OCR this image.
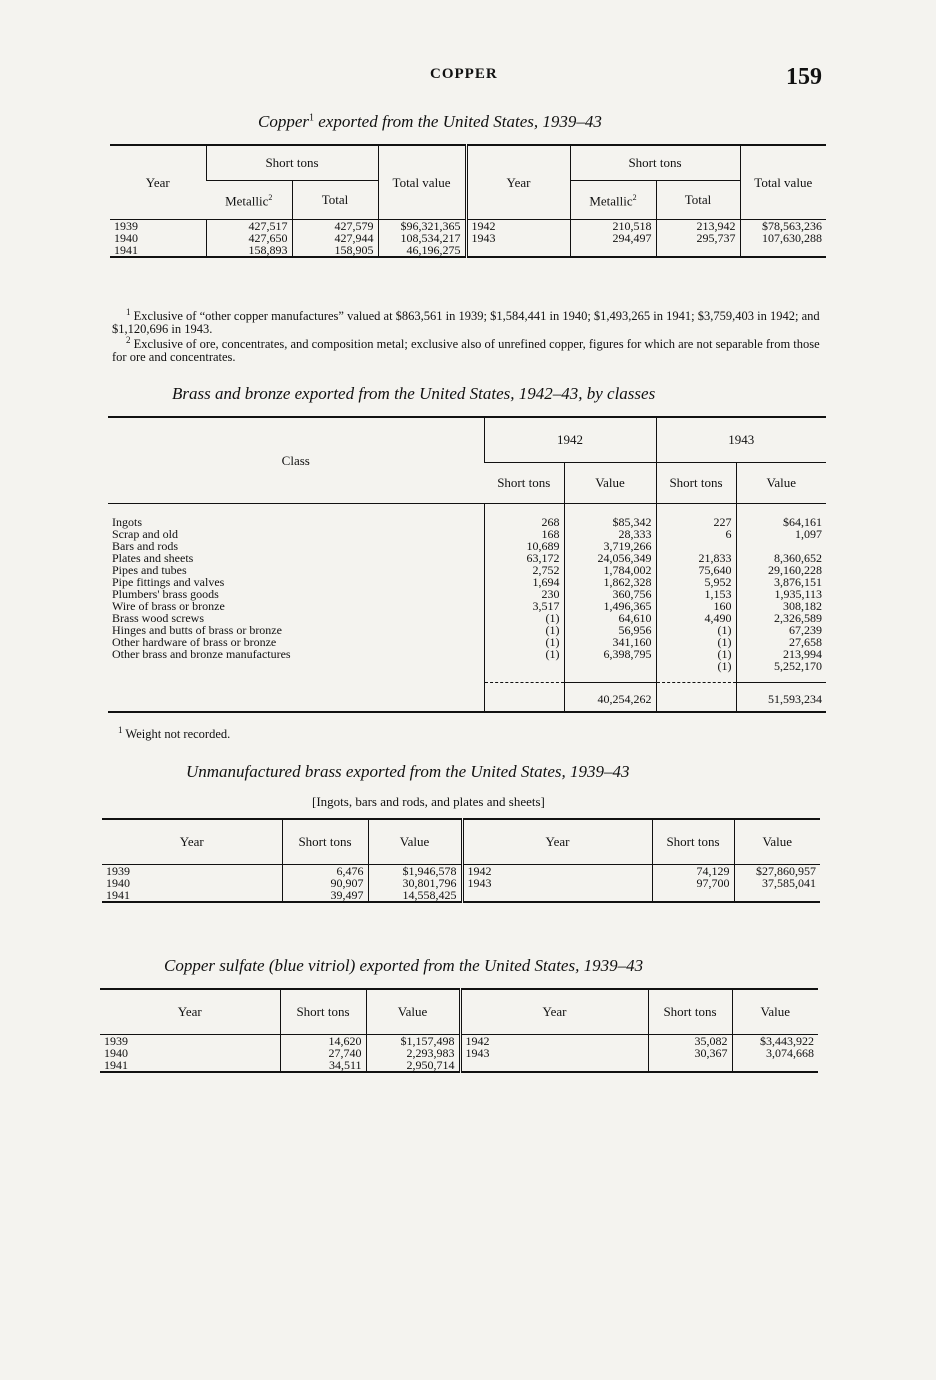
COPPER	159
Copper$^1$ exported from the United States, 1939–43
Year	Short tons		Total value	Year	Short tons		Total value
	Metallic$^2$	Total			Metallic$^2$	Total	
1939	427,517	427,579	$96,321,365	1942	210,518	213,942	$78,563,236
1940	427,650	427,944	108,534,217	1943	294,497	295,737	107,630,288
1941	158,893	158,905	46,196,275				
$^1$ Exclusive of “other copper manufactures” valued at $863,561 in 1939; $1,584,441 in 1940; $1,493,265 in 1941; $3,759,403 in 1942; and $1,120,696 in 1943.
$^2$ Exclusive of ore, concentrates, and composition metal; exclusive also of unrefined copper, figures for which are not separable from those for ore and concentrates.
Brass and bronze exported from the United States, 1942–43, by classes
Class	1942		1943	
	Short tons	Value	Short tons	Value
Ingots	268	$85,342	227	$64,161
Scrap and old	168	28,333	6	1,097
Bars and rods	10,689	3,719,266		
Plates and sheets	63,172	24,056,349	21,833	8,360,652
Pipes and tubes	2,752	1,784,002	75,640	29,160,228
Pipe fittings and valves	1,694	1,862,328	5,952	3,876,151
Plumbers' brass goods	230	360,756	1,153	1,935,113
Wire of brass or bronze	3,517	1,496,365	160	308,182
Brass wood screws	(1)	64,610	4,490	2,326,589
Hinges and butts of brass or bronze	(1)	56,956	(1)	67,239
Other hardware of brass or bronze	(1)	341,160	(1)	27,658
Other brass and bronze manufactures	(1)	6,398,795	(1)	213,994
			(1)	5,252,170
		40,254,262		51,593,234
$^1$ Weight not recorded.
Unmanufactured brass exported from the United States, 1939–43
[Ingots, bars and rods, and plates and sheets]
Year	Short tons	Value	Year	Short tons	Value
1939	6,476	$1,946,578	1942	74,129	$27,860,957
1940	90,907	30,801,796	1943	97,700	37,585,041
1941	39,497	14,558,425			
Copper sulfate (blue vitriol) exported from the United States, 1939–43
Year	Short tons	Value	Year	Short tons	Value
1939	14,620	$1,157,498	1942	35,082	$3,443,922
1940	27,740	2,293,983	1943	30,367	3,074,668
1941	34,511	2,950,714			
